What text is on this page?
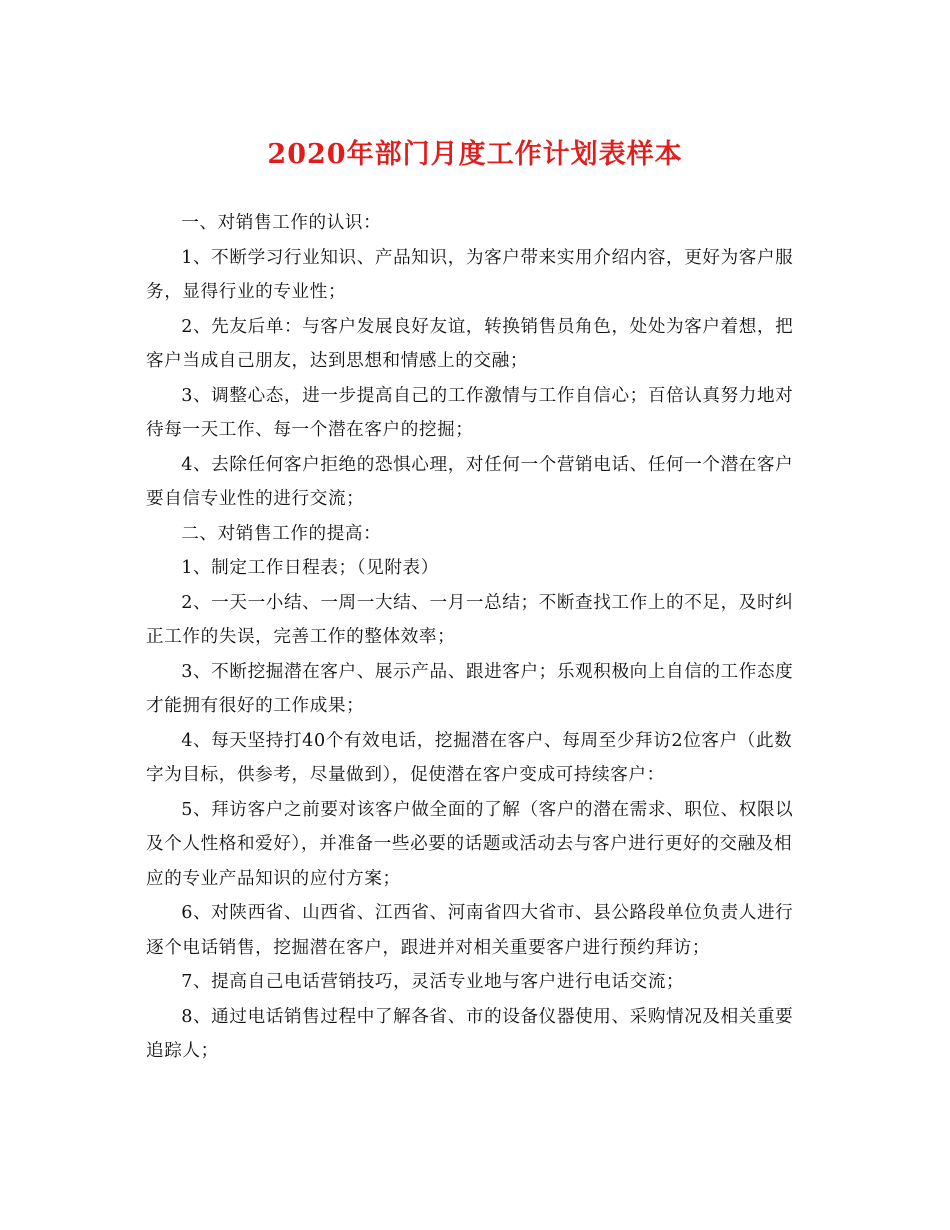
2020年部门月度工作计划表样本

一、对销售工作的认识：

1、不断学习行业知识、产品知识，为客户带来实用介绍内容，更好为客户服务，显得行业的专业性；

2、先友后单：与客户发展良好友谊，转换销售员角色，处处为客户着想，把客户当成自己朋友，达到思想和情感上的交融；

3、调整心态，进一步提高自己的工作激情与工作自信心；百倍认真努力地对待每一天工作、每一个潜在客户的挖掘；

4、去除任何客户拒绝的恐惧心理，对任何一个营销电话、任何一个潜在客户要自信专业性的进行交流；

二、对销售工作的提高：

1、制定工作日程表；（见附表）

2、一天一小结、一周一大结、一月一总结；不断查找工作上的不足，及时纠正工作的失误，完善工作的整体效率；

3、不断挖掘潜在客户、展示产品、跟进客户；乐观积极向上自信的工作态度才能拥有很好的工作成果；

4、每天坚持打40个有效电话，挖掘潜在客户、每周至少拜访2位客户（此数字为目标，供参考，尽量做到），促使潜在客户变成可持续客户：

5、拜访客户之前要对该客户做全面的了解（客户的潜在需求、职位、权限以及个人性格和爱好），并准备一些必要的话题或活动去与客户进行更好的交融及相应的专业产品知识的应付方案；

6、对陕西省、山西省、江西省、河南省四大省市、县公路段单位负责人进行逐个电话销售，挖掘潜在客户，跟进并对相关重要客户进行预约拜访；

7、提高自己电话营销技巧，灵活专业地与客户进行电话交流；

8、通过电话销售过程中了解各省、市的设备仪器使用、采购情况及相关重要追踪人；
